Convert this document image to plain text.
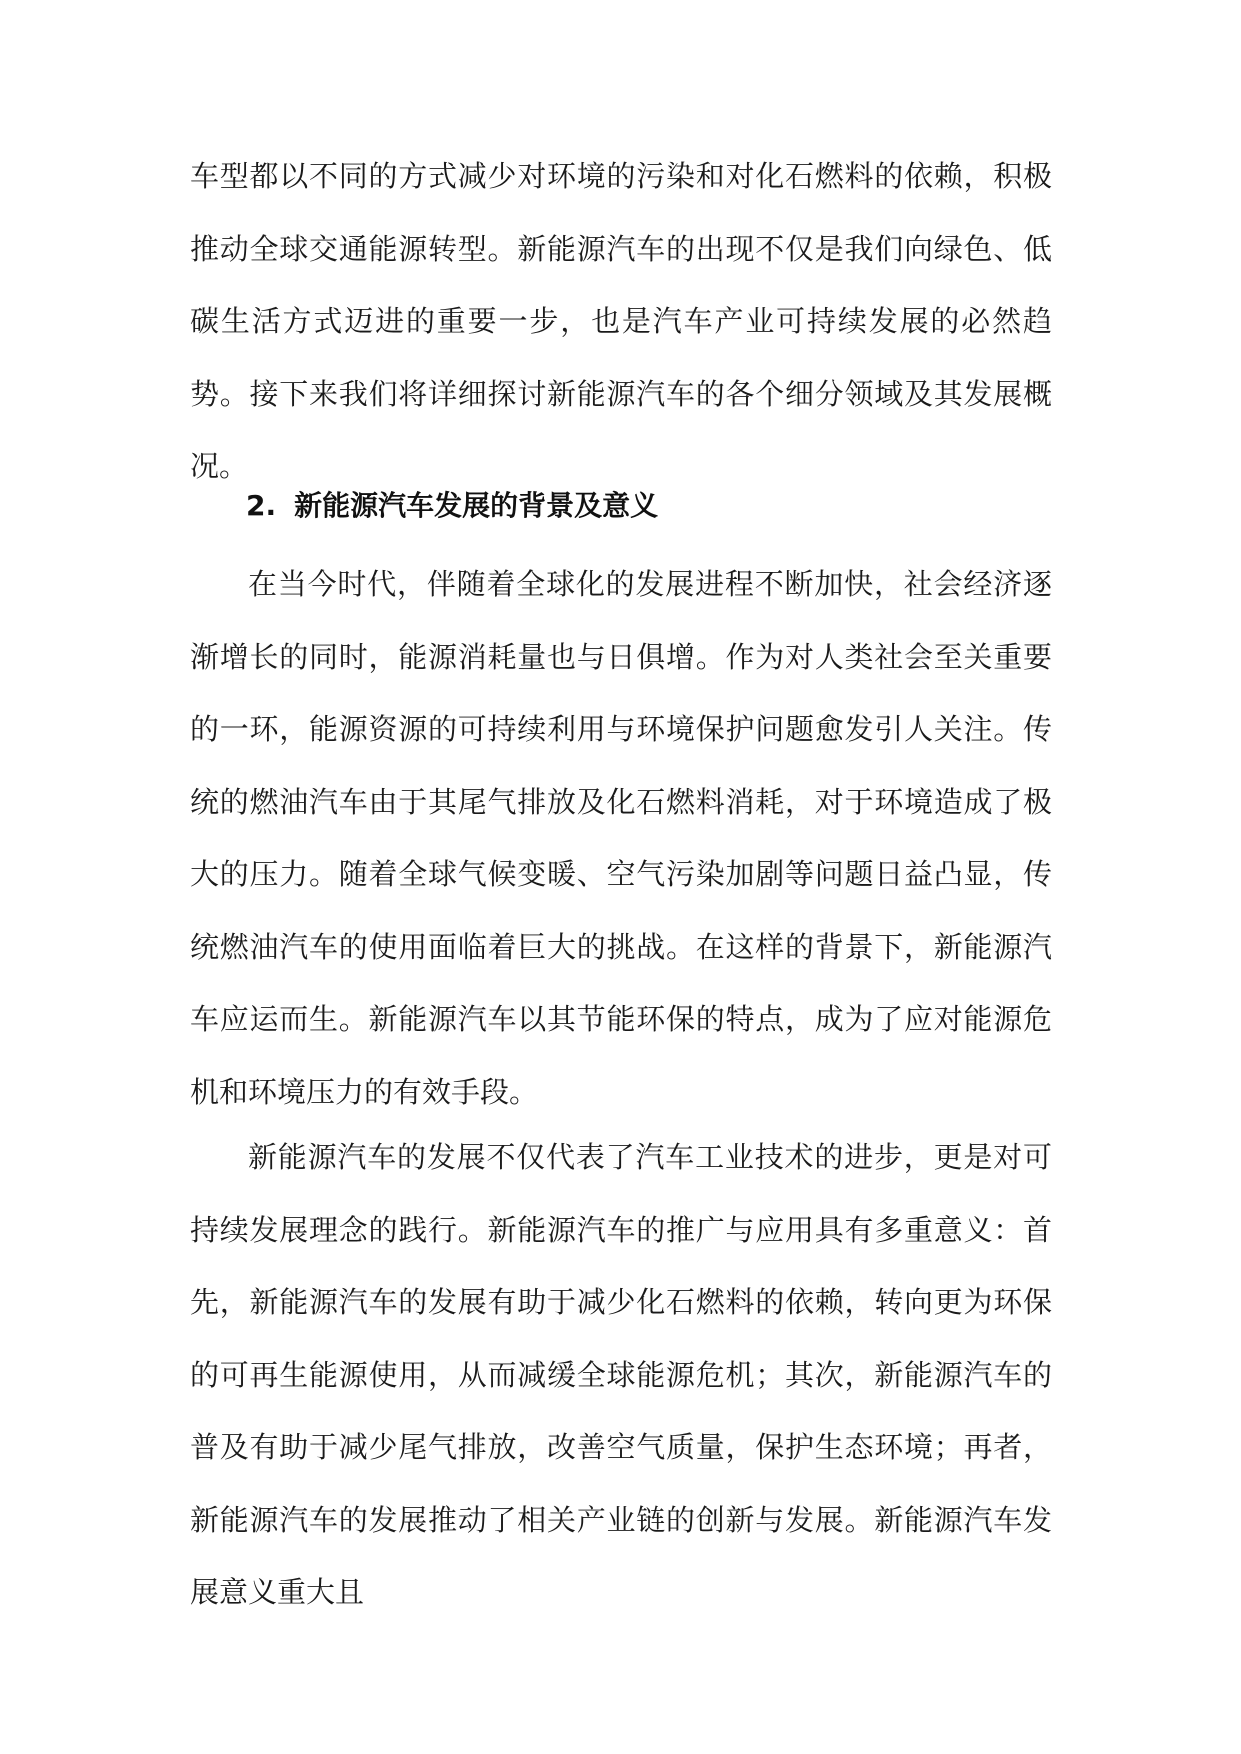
车型都以不同的方式减少对环境的污染和对化石燃料的依赖，积极推动全球交通能源转型。新能源汽车的出现不仅是我们向绿色、低碳生活方式迈进的重要一步，也是汽车产业可持续发展的必然趋势。接下来我们将详细探讨新能源汽车的各个细分领域及其发展概况。

2. 新能源汽车发展的背景及意义

在当今时代，伴随着全球化的发展进程不断加快，社会经济逐渐增长的同时，能源消耗量也与日俱增。作为对人类社会至关重要的一环，能源资源的可持续利用与环境保护问题愈发引人关注。传统的燃油汽车由于其尾气排放及化石燃料消耗，对于环境造成了极大的压力。随着全球气候变暖、空气污染加剧等问题日益凸显，传统燃油汽车的使用面临着巨大的挑战。在这样的背景下，新能源汽车应运而生。新能源汽车以其节能环保的特点，成为了应对能源危机和环境压力的有效手段。

新能源汽车的发展不仅代表了汽车工业技术的进步，更是对可持续发展理念的践行。新能源汽车的推广与应用具有多重意义：首先，新能源汽车的发展有助于减少化石燃料的依赖，转向更为环保的可再生能源使用，从而减缓全球能源危机；其次，新能源汽车的普及有助于减少尾气排放，改善空气质量，保护生态环境；再者，新能源汽车的发展推动了相关产业链的创新与发展。新能源汽车发展意义重大且
